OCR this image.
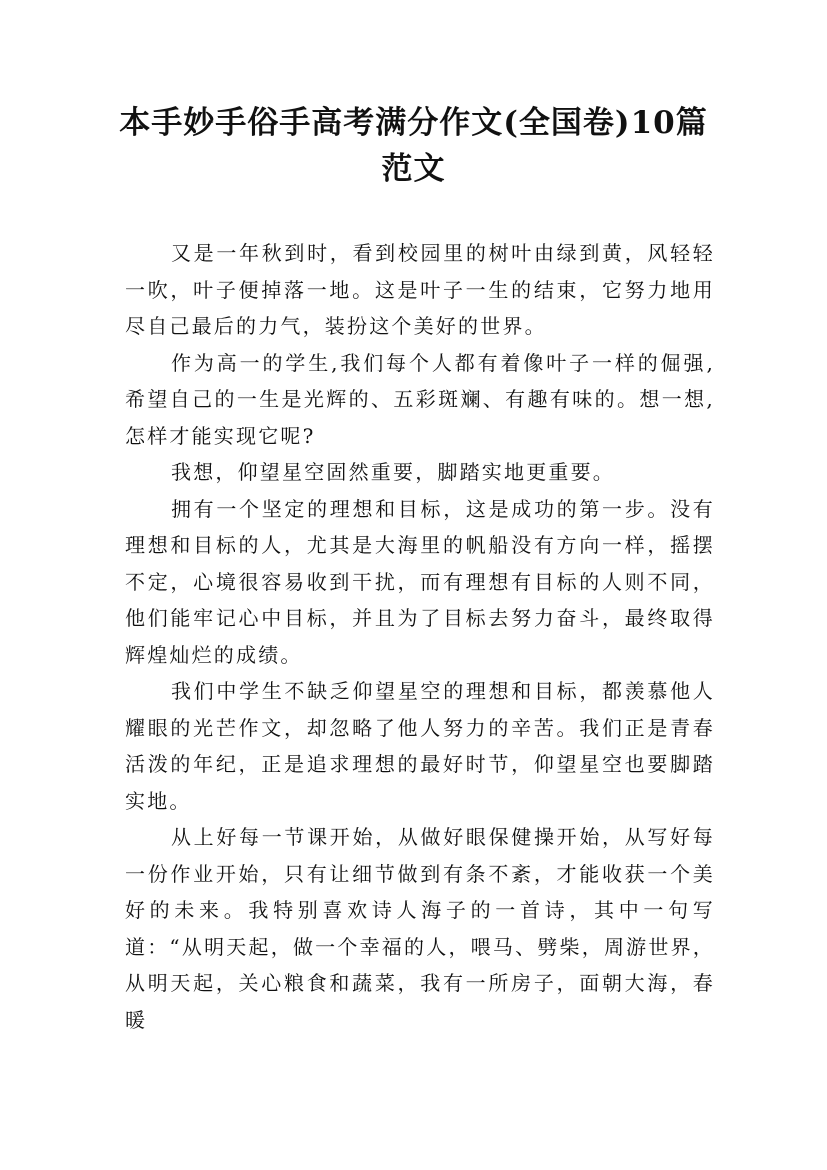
本手妙手俗手高考满分作文(全国卷)10篇
范文

又是一年秋到时，看到校园里的树叶由绿到黄，风轻轻一吹，叶子便掉落一地。这是叶子一生的结束，它努力地用尽自己最后的力气，装扮这个美好的世界。

作为高一的学生,我们每个人都有着像叶子一样的倔强,希望自己的一生是光辉的、五彩斑斓、有趣有味的。想一想,怎样才能实现它呢?

我想，仰望星空固然重要，脚踏实地更重要。

拥有一个坚定的理想和目标，这是成功的第一步。没有理想和目标的人，尤其是大海里的帆船没有方向一样，摇摆不定，心境很容易收到干扰，而有理想有目标的人则不同，他们能牢记心中目标，并且为了目标去努力奋斗，最终取得辉煌灿烂的成绩。

我们中学生不缺乏仰望星空的理想和目标，都羡慕他人耀眼的光芒作文，却忽略了他人努力的辛苦。我们正是青春活泼的年纪，正是追求理想的最好时节，仰望星空也要脚踏实地。

从上好每一节课开始，从做好眼保健操开始，从写好每一份作业开始，只有让细节做到有条不紊，才能收获一个美好的未来。我特别喜欢诗人海子的一首诗，其中一句写道：“从明天起，做一个幸福的人，喂马、劈柴，周游世界，从明天起，关心粮食和蔬菜，我有一所房子，面朝大海，春暖
